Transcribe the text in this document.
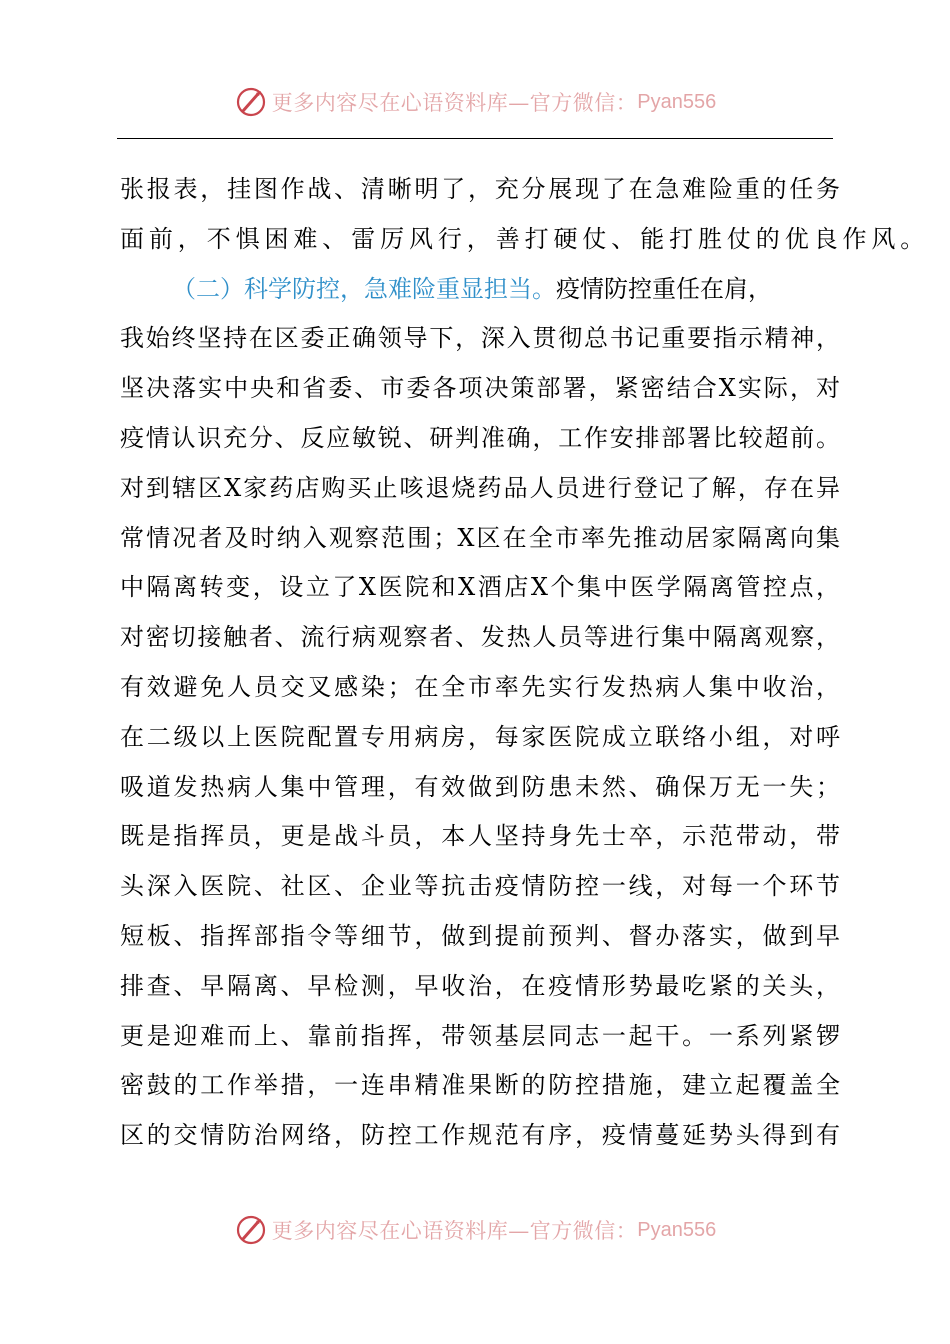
更多内容尽在心语资料库—官方微信： Pyan556
张报表，挂图作战、清晰明了，充分展现了在急难险重的任务
面前，不惧困难、雷厉风行，善打硬仗、能打胜仗的优良作风。
（二）科学防控，急难险重显担当。疫情防控重任在肩，
我始终坚持在区委正确领导下，深入贯彻总书记重要指示精神，
坚决落实中央和省委、市委各项决策部署，紧密结合X实际，对
疫情认识充分、反应敏锐、研判准确，工作安排部署比较超前。
对到辖区X家药店购买止咳退烧药品人员进行登记了解，存在异
常情况者及时纳入观察范围；X区在全市率先推动居家隔离向集
中隔离转变，设立了X医院和X酒店X个集中医学隔离管控点，
对密切接触者、流行病观察者、发热人员等进行集中隔离观察，
有效避免人员交叉感染；在全市率先实行发热病人集中收治，
在二级以上医院配置专用病房，每家医院成立联络小组，对呼
吸道发热病人集中管理，有效做到防患未然、确保万无一失；
既是指挥员，更是战斗员，本人坚持身先士卒，示范带动，带
头深入医院、社区、企业等抗击疫情防控一线，对每一个环节
短板、指挥部指令等细节，做到提前预判、督办落实，做到早
排查、早隔离、早检测，早收治，在疫情形势最吃紧的关头，
更是迎难而上、靠前指挥，带领基层同志一起干。一系列紧锣
密鼓的工作举措，一连串精准果断的防控措施，建立起覆盖全
区的交情防治网络，防控工作规范有序，疫情蔓延势头得到有
更多内容尽在心语资料库—官方微信： Pyan556
